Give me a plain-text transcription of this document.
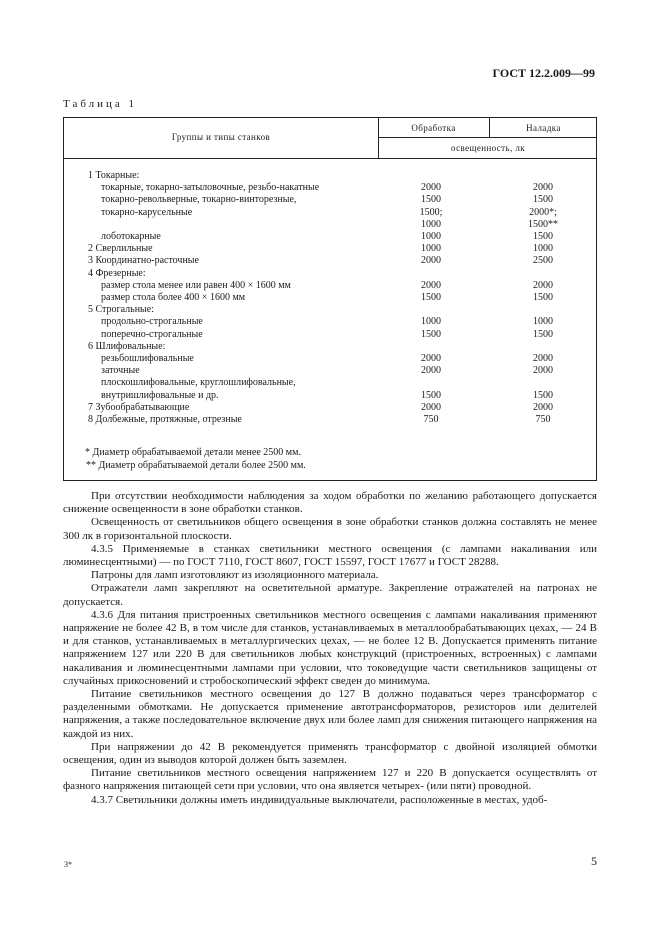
ГОСТ 12.2.009—99
Таблица 1
Группы и типы станков
Обработка	Наладка
освещенность, лк
1 Токарные:
токарные, токарно-затыловочные, резьбо-накатные	2000	2000
токарно-револьверные, токарно-винторезные,	1500	1500
токарно-карусельные	1500;	2000*;
1000	1500**
лоботокарные	1000	1500
2 Сверлильные	1000	1000
3 Координатно-расточные	2000	2500
4 Фрезерные:
размер стола менее или равен 400 × 1600 мм	2000	2000
размер стола более 400 × 1600 мм	1500	1500
5 Строгальные:
продольно-строгальные	1000	1000
поперечно-строгальные	1500	1500
6 Шлифовальные:
резьбошлифовальные	2000	2000
заточные	2000	2000
плоскошлифовальные, круглошлифовальные,
внутришлифовальные и др.	1500	1500
7 Зубообрабатывающие	2000	2000
8 Долбежные, протяжные, отрезные	750	750
* Диаметр обрабатываемой детали менее 2500 мм.
** Диаметр обрабатываемой детали более 2500 мм.

При отсутствии необходимости наблюдения за ходом обработки по желанию работающего допускается снижение освещенности в зоне обработки станков.

Освещенность от светильников общего освещения в зоне обработки станков должна составлять не менее 300 лк в горизонтальной плоскости.

4.3.5 Применяемые в станках светильники местного освещения (с лампами накаливания или люминесцентными) — по ГОСТ 7110, ГОСТ 8607, ГОСТ 15597, ГОСТ 17677 и ГОСТ 28288.

Патроны для ламп изготовляют из изоляционного материала.

Отражатели ламп закрепляют на осветительной арматуре. Закрепление отражателей на патронах не допускается.

4.3.6 Для питания пристроенных светильников местного освещения с лампами накаливания применяют напряжение не более 42 В, в том числе для станков, устанавливаемых в металлообрабатывающих цехах, — 24 В и для станков, устанавливаемых в металлургических цехах, — не более 12 В. Допускается применять питание напряжением 127 или 220 В для светильников любых конструкций (пристроенных, встроенных) с лампами накаливания и люминесцентными лампами при условии, что токоведущие части светильников защищены от случайных прикосновений и стробоскопический эффект сведен до минимума.

Питание светильников местного освещения до 127 В должно подаваться через трансформатор с разделенными обмотками. Не допускается применение автотрансформаторов, резисторов или делителей напряжения, а также последовательное включение двух или более ламп для снижения питающего напряжения на каждой из них.

При напряжении до 42 В рекомендуется применять трансформатор с двойной изоляцией обмотки освещения, один из выводов которой должен быть заземлен.

Питание светильников местного освещения напряжением 127 и 220 В допускается осуществлять от фазного напряжения питающей сети при условии, что она является четырех- (или пяти) проводной.

4.3.7 Светильники должны иметь индивидуальные выключатели, расположенные в местах, удоб-

3*	5
